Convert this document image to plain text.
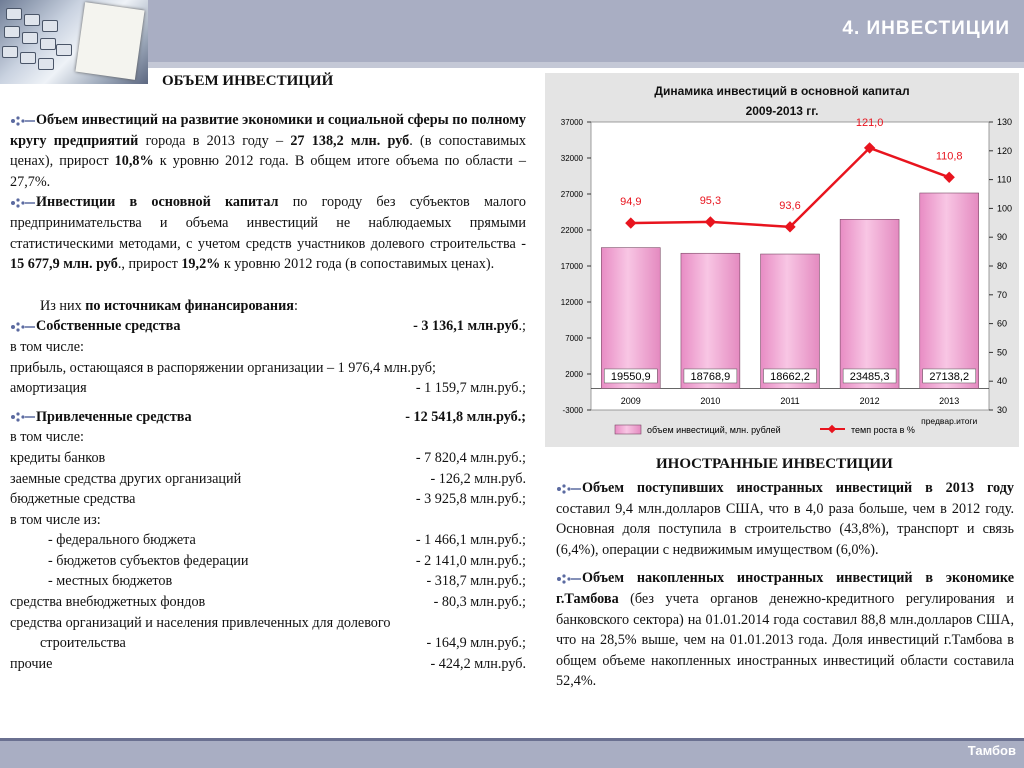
4. ИНВЕСТИЦИИ
ОБЪЕМ ИНВЕСТИЦИЙ

Объем инвестиций на развитие экономики и социальной сферы по полному кругу предприятий города в 2013 году – 27 138,2 млн. руб. (в сопоставимых ценах), прирост 10,8% к уровню 2012 года. В общем итоге объема по области – 27,7%.

Инвестиции в основной капитал по городу без субъектов малого предпринимательства и объема инвестиций не наблюдаемых прямыми статистическими методами, с учетом средств участников долевого строительства - 15 677,9 млн. руб., прирост 19,2% к уровню 2012 года (в сопоставимых ценах).

Из них по источникам финансирования:
Собственные средства	- 3 136,1 млн.руб.;
в том числе:
прибыль, остающаяся в распоряжении организации – 1 976,4 млн.руб;
амортизация	- 1 159,7 млн.руб.;
Привлеченные средства	- 12 541,8 млн.руб.;
в том числе:
кредиты банков	- 7 820,4 млн.руб.;
заемные средства других организаций	- 126,2 млн.руб.
бюджетные средства	- 3 925,8 млн.руб.;
в том числе из:
- федерального бюджета	- 1 466,1 млн.руб.;
- бюджетов субъектов федерации	- 2 141,0 млн.руб.;
- местных бюджетов	- 318,7 млн.руб.;
средства внебюджетных фондов	- 80,3 млн.руб.;
средства организаций и населения привлеченных для долевого
строительства	- 164,9 млн.руб.;
прочие	- 424,2 млн.руб.
Динамика инвестиций в основной капитал
2009-2013 гг.
-3000
2000
7000
12000
17000
22000
27000
32000
37000
30
40
50
60
70
80
90
100
110
120
130
19550,9
2009
18768,9
2010
18662,2
2011
23485,3
2012
27138,2
2013
предвар.итоги
94,9	95,3	93,6
121,0
110,8
объем инвестиций, млн. рублей	темп роста в %
ИНОСТРАННЫЕ ИНВЕСТИЦИИ

Объем поступивших иностранных инвестиций в 2013 году составил 9,4 млн.долларов США, что в 4,0 раза больше, чем в 2012 году. Основная доля поступила в строительство (43,8%), транспорт и связь (6,4%), операции с недвижимым имуществом (6,0%).

Объем накопленных иностранных инвестиций в экономике г.Тамбова (без учета органов денежно-кредитного регулирования и банковского сектора) на 01.01.2014 года составил 88,8 млн.долларов США, что на 28,5% выше, чем на 01.01.2013 года. Доля инвестиций г.Тамбова в общем объеме накопленных иностранных инвестиций области составила 52,4%.

Тамбов
